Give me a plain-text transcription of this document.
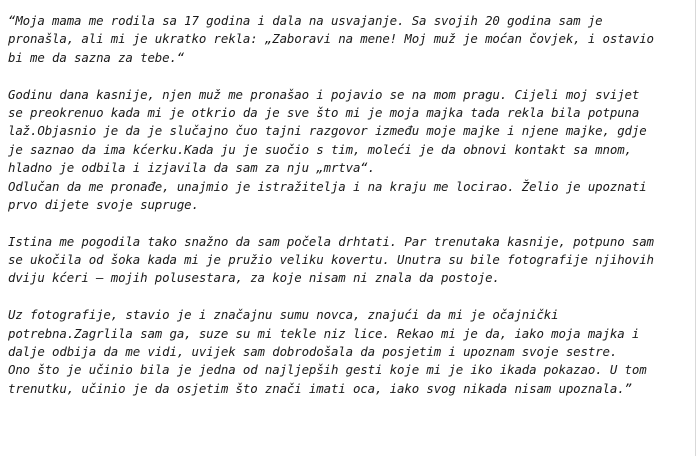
“Moja mama me rodila sa 17 godina i dala na usvajanje. Sa svojih 20 godina sam je
pronašla, ali mi je ukratko rekla: „Zaboravi na mene! Moj muž je moćan čovjek, i ostavio
bi me da sazna za tebe.“
Godinu dana kasnije, njen muž me pronašao i pojavio se na mom pragu. Cijeli moj svijet
se preokrenuo kada mi je otkrio da je sve što mi je moja majka tada rekla bila potpuna
laž.Objasnio je da je slučajno čuo tajni razgovor između moje majke i njene majke, gdje
je saznao da ima kćerku.Kada ju je suočio s tim, moleći je da obnovi kontakt sa mnom,
hladno je odbila i izjavila da sam za nju „mrtva“.
Odlučan da me pronađe, unajmio je istražitelja i na kraju me locirao. Želio je upoznati
prvo dijete svoje supruge.
Istina me pogodila tako snažno da sam počela drhtati. Par trenutaka kasnije, potpuno sam
se ukočila od šoka kada mi je pružio veliku kovertu. Unutra su bile fotografije njihovih
dviju kćeri – mojih polusestara, za koje nisam ni znala da postoje.
Uz fotografije, stavio je i značajnu sumu novca, znajući da mi je očajnički
potrebna.Zagrlila sam ga, suze su mi tekle niz lice. Rekao mi je da, iako moja majka i
dalje odbija da me vidi, uvijek sam dobrodošala da posjetim i upoznam svoje sestre.
Ono što je učinio bila je jedna od najljepših gesti koje mi je iko ikada pokazao. U tom
trenutku, učinio je da osjetim što znači imati oca, iako svog nikada nisam upoznala.”
